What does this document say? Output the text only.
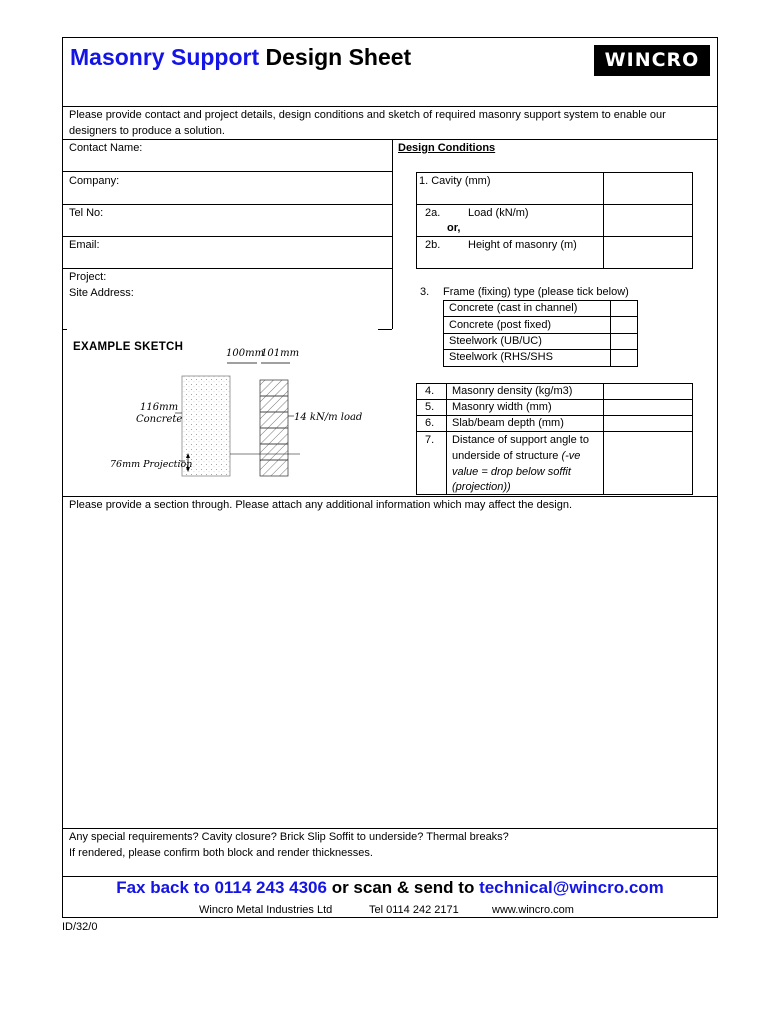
Masonry Support Design Sheet	WINCRO
Please provide contact and project details, design conditions and sketch of required masonry support system to enable our
designers to produce a solution.
Contact Name:
Company:
Tel No:
Email:
Project:
Site Address:
Design Conditions
1. Cavity (mm)
2a.	Load (kN/m)
or,
2b.	Height of masonry (m)
3. Frame (fixing) type (please tick below)
Concrete (cast in channel)
Concrete (post fixed)
Steelwork (UB/UC)
Steelwork (RHS/SHS
4. Masonry density (kg/m3)
5. Masonry width (mm)
6. Slab/beam depth (mm)
7. Distance of support angle to
underside of structure (-ve
value = drop below soffit
(projection))
EXAMPLE SKETCH
100mm
101mm
116mm
Concrete	14 kN/m load
76mm Projection
Please provide a section through. Please attach any additional information which may affect the design.
Any special requirements? Cavity closure? Brick Slip Soffit to underside? Thermal breaks?
If rendered, please confirm both block and render thicknesses.
Fax back to 0114 243 4306 or scan & send to technical@wincro.com
Wincro Metal Industries Ltd	Tel 0114 242 2171	www.wincro.com
ID/32/0
